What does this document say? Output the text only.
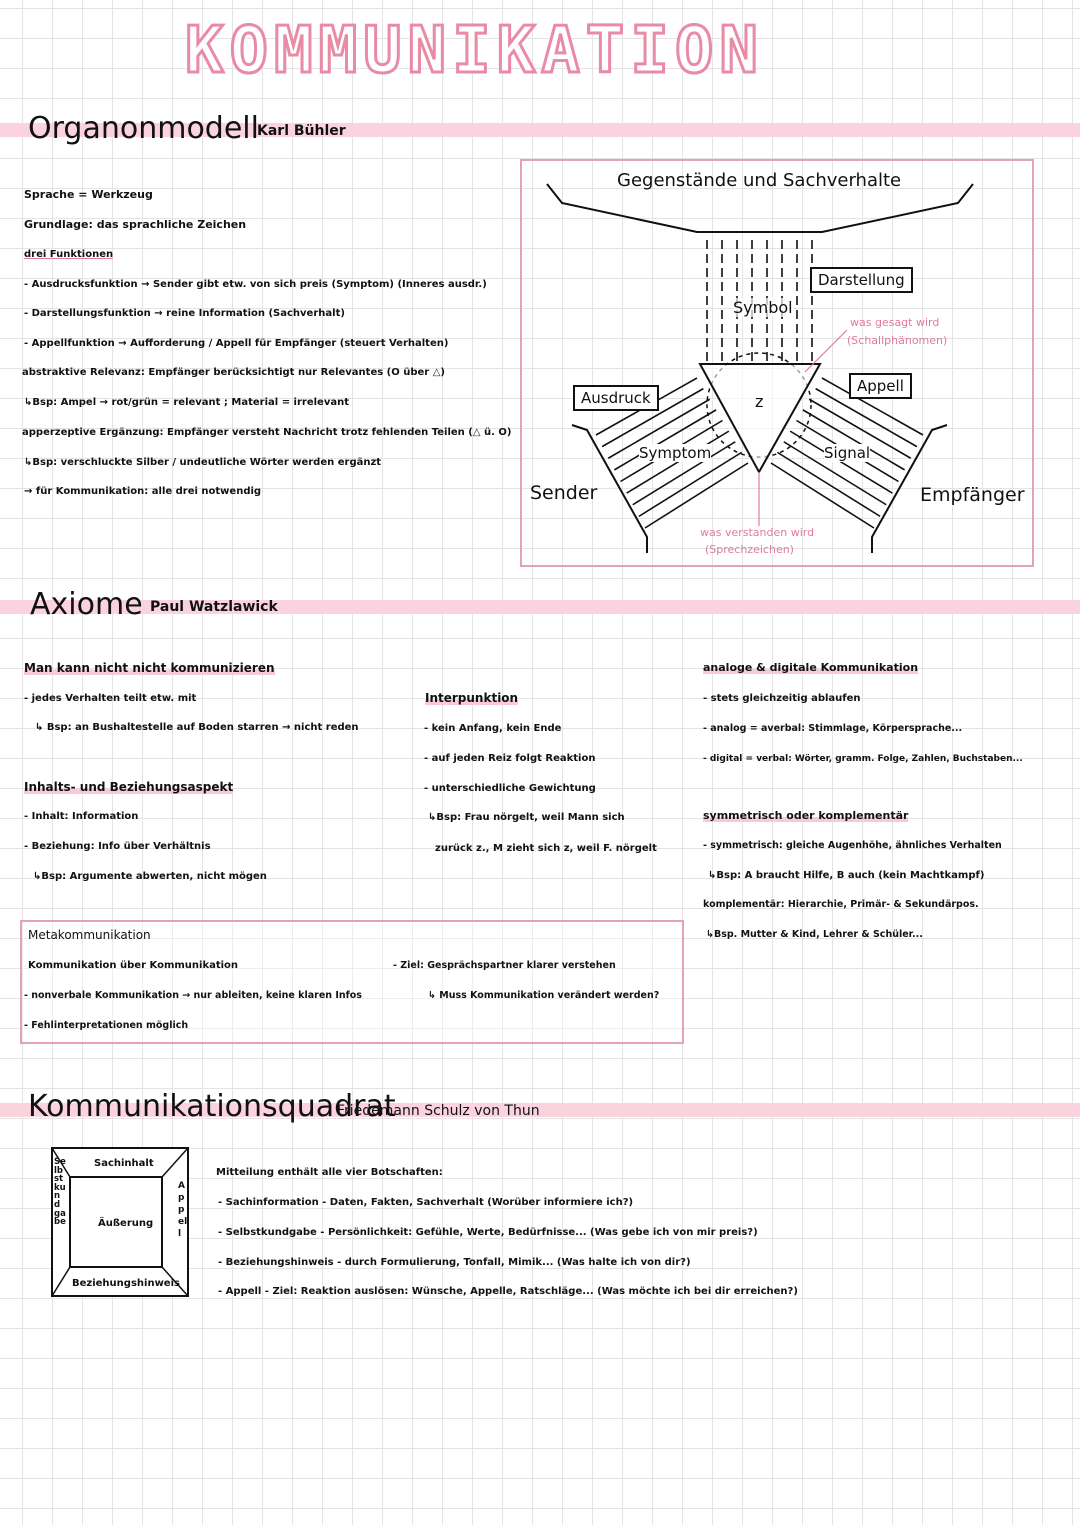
KOMMUNIKATION
Organonmodell
Karl Bühler
Sprache = Werkzeug
Grundlage: das sprachliche Zeichen
drei Funktionen
- Ausdrucksfunktion → Sender gibt etw. von sich preis (Symptom) (Inneres ausdr.)
- Darstellungsfunktion → reine Information (Sachverhalt)
- Appellfunktion → Aufforderung / Appell für Empfänger (steuert Verhalten)
abstraktive Relevanz: Empfänger berücksichtigt nur Relevantes (O über △)
↳Bsp: Ampel → rot/grün = relevant ; Material = irrelevant
apperzeptive Ergänzung: Empfänger versteht Nachricht trotz fehlenden Teilen (△ ü. O)
↳Bsp: verschluckte Silber / undeutliche Wörter werden ergänzt
→ für Kommunikation: alle drei notwendig
Gegenstände und Sachverhalte
Darstellung
Symbol
Ausdruck
Appell
z
Symptom	Signal
Sender	Empfänger
was gesagt wird
(Schallphänomen)
was verstanden wird
(Sprechzeichen)
Axiome Paul Watzlawick
Man kann nicht nicht kommunizieren
- jedes Verhalten teilt etw. mit
↳ Bsp: an Bushaltestelle auf Boden starren → nicht reden
Inhalts- und Beziehungsaspekt
- Inhalt: Information
- Beziehung: Info über Verhältnis
↳Bsp: Argumente abwerten, nicht mögen
Interpunktion
- kein Anfang, kein Ende
- auf jeden Reiz folgt Reaktion
- unterschiedliche Gewichtung
↳Bsp: Frau nörgelt, weil Mann sich
zurück z., M zieht sich z, weil F. nörgelt
analoge & digitale Kommunikation
- stets gleichzeitig ablaufen
- analog = averbal: Stimmlage, Körpersprache...
- digital = verbal: Wörter, gramm. Folge, Zahlen, Buchstaben...
symmetrisch oder komplementär
- symmetrisch: gleiche Augenhöhe, ähnliches Verhalten
↳Bsp: A braucht Hilfe, B auch (kein Machtkampf)
komplementär: Hierarchie, Primär- & Sekundärpos.
↳Bsp. Mutter & Kind, Lehrer & Schüler...
Metakommunikation
Kommunikation über Kommunikation
- nonverbale Kommunikation → nur ableiten, keine klaren Infos
- Fehlinterpretationen möglich
- Ziel: Gesprächspartner klarer verstehen
↳ Muss Kommunikation verändert werden?
Kommunikationsquadrat
Friedemann Schulz von Thun
Sachinhalt
Äußerung
Beziehungshinweis
Selbstkundgabe
Appell
Mitteilung enthält alle vier Botschaften:
- Sachinformation - Daten, Fakten, Sachverhalt (Worüber informiere ich?)
- Selbstkundgabe - Persönlichkeit: Gefühle, Werte, Bedürfnisse... (Was gebe ich von mir preis?)
- Beziehungshinweis - durch Formulierung, Tonfall, Mimik... (Was halte ich von dir?)
- Appell - Ziel: Reaktion auslösen: Wünsche, Appelle, Ratschläge... (Was möchte ich bei dir erreichen?)
